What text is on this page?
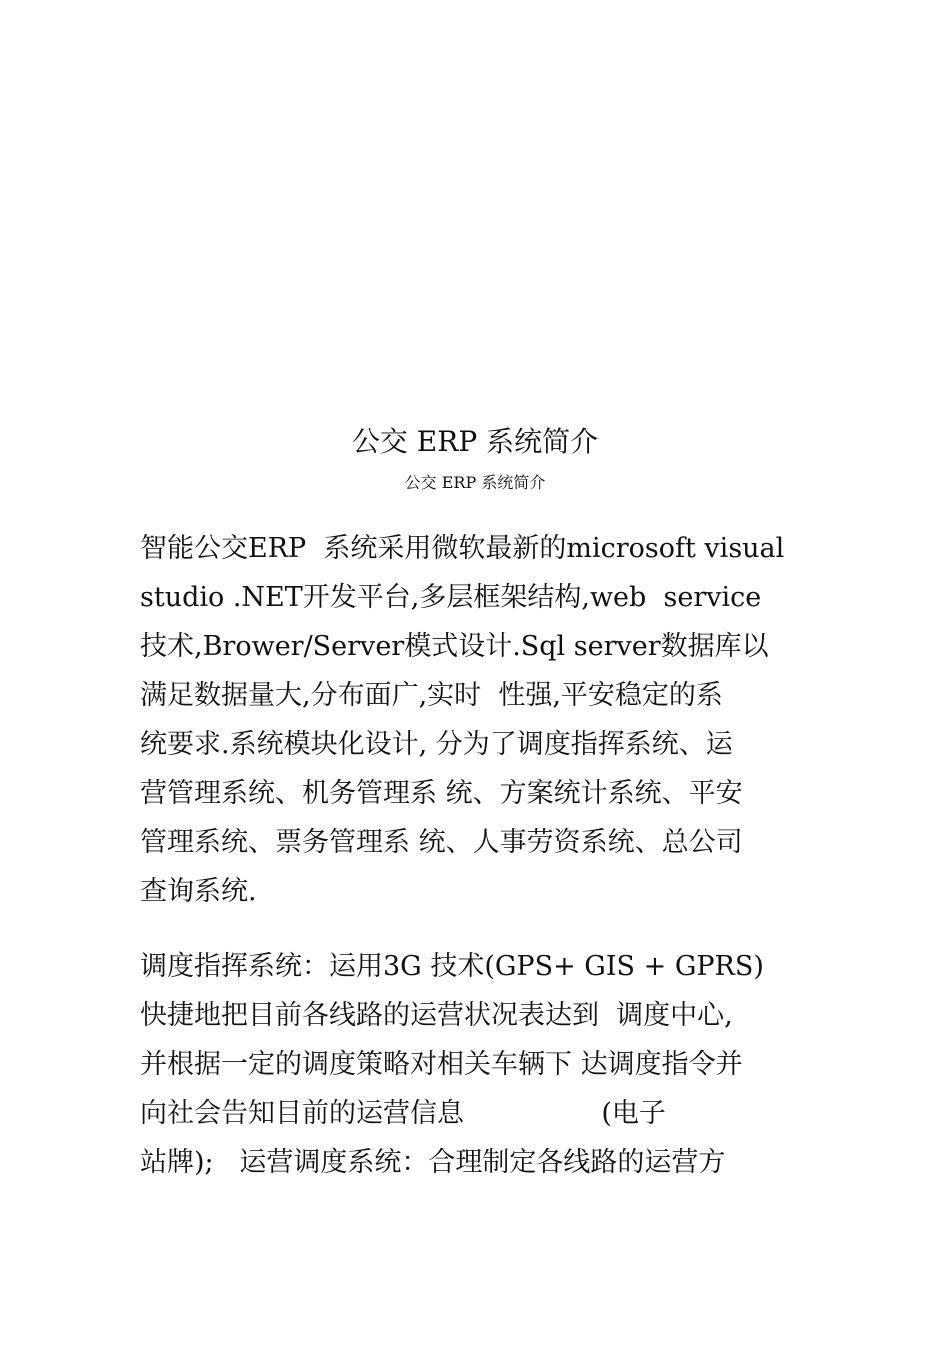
公交 ERP 系统简介
公交 ERP 系统简介
智能公交ERP  系统采用微软最新的microsoft visual
studio .NET开发平台,多层框架结构,web  service
技术,Brower/Server模式设计.Sql server数据库以
满足数据量大,分布面广,实时  性强,平安稳定的系
统要求.系统模块化设计, 分为了调度指挥系统、运
营管理系统、机务管理系 统、方案统计系统、平安
管理系统、票务管理系 统、人事劳资系统、总公司
查询系统.
调度指挥系统：运用3G 技术(GPS+ GIS + GPRS)
快捷地把目前各线路的运营状况表达到  调度中心,
并根据一定的调度策略对相关车辆下 达调度指令并
向社会告知目前的运营信息                (电子
站牌);   运营调度系统：合理制定各线路的运营方
